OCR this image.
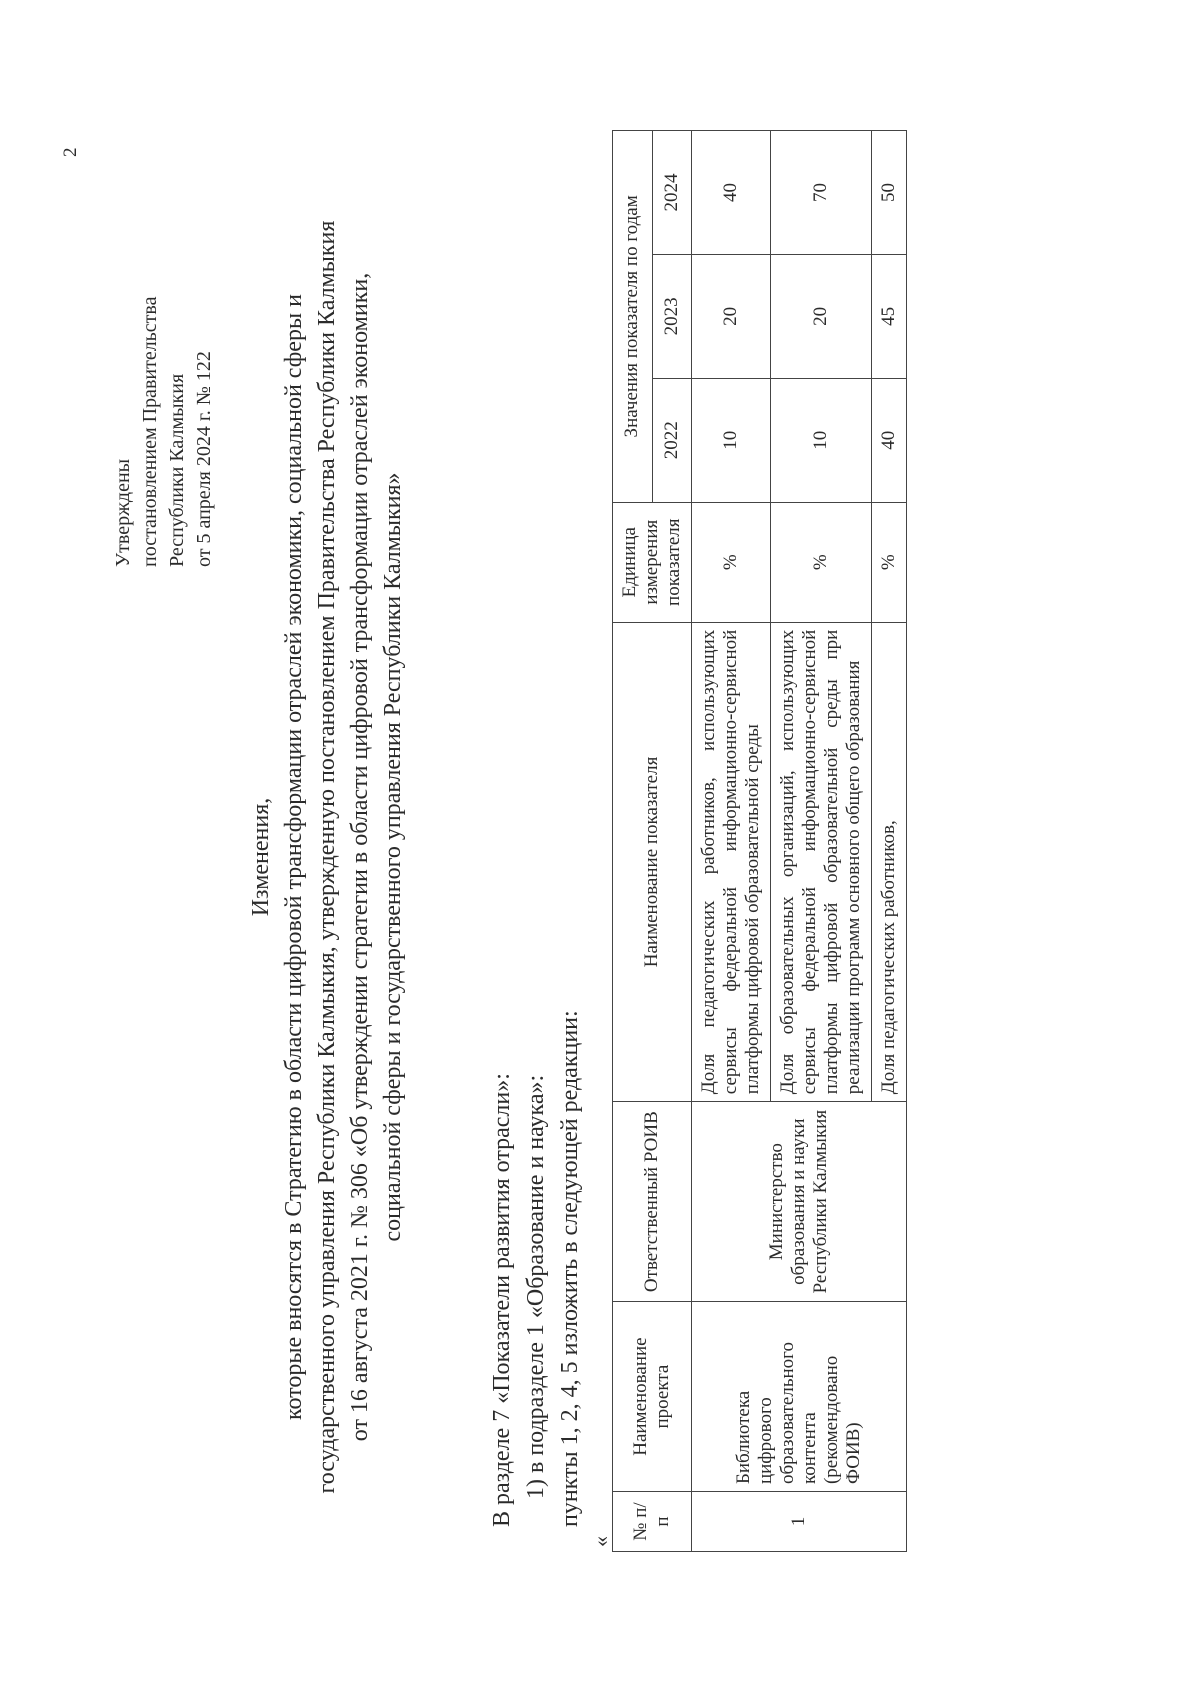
2
Утверждены постановлением Правительства Республики Калмыкия от 5 апреля 2024 г. № 122
Изменения, которые вносятся в Стратегию в области цифровой трансформации отраслей экономики, социальной сферы и государственного управления Республики Калмыкия, утвержденную постановлением Правительства Республики Калмыкия от 16 августа 2021 г. № 306 «Об утверждении стратегии в области цифровой трансформации отраслей экономики, социальной сферы и государственного управления Республики Калмыкия»
В разделе 7 «Показатели развития отрасли»: 1) в подразделе 1 «Образование и наука»: пункты 1, 2, 4, 5 изложить в следующей редакции:
«
№ п/п	Наименование проекта	Ответственный РОИВ	Наименование показателя	Единица измерения показателя	Значения показателя по годам		
					2022	2023	2024
1	Библиотека цифрового образовательного контента (рекомендовано ФОИВ)	Министерство образования и науки Республики Калмыкия	Доля педагогических работников, использующих сервисы федеральной информационно-сервисной платформы цифровой образовательной среды	%	10	20	40
			Доля образовательных организаций, использующих сервисы федеральной информационно-сервисной платформы цифровой образовательной среды при реализации программ основного общего образования	%	10	20	70
			Доля педагогических работников,	%	40	45	50
